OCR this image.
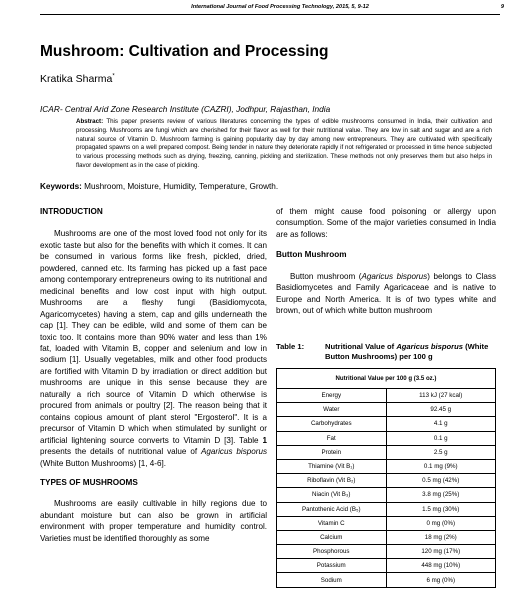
International Journal of Food Processing Technology, 2015, 5, 9-12	9
Mushroom: Cultivation and Processing
Kratika Sharma*
ICAR- Central Arid Zone Research Institute (CAZRI), Jodhpur, Rajasthan, India
Abstract: This paper presents review of various literatures concerning the types of edible mushrooms consumed in India, their cultivation and processing. Mushrooms are fungi which are cherished for their flavor as well for their nutritional value. They are low in salt and sugar and are a rich natural source of Vitamin D. Mushroom farming is gaining popularity day by day among new entrepreneurs. They are cultivated with specifically propagated spawns on a well prepared compost. Being tender in nature they deteriorate rapidly if not refrigerated or processed in time hence subjected to various processing methods such as drying, freezing, canning, pickling and sterilization. These methods not only preserves them but also helps in flavor development as in the case of pickling.
Keywords: Mushroom, Moisture, Humidity, Temperature, Growth.

INTRODUCTION

Mushrooms are one of the most loved food not only for its exotic taste but also for the benefits with which it comes. It can be consumed in various forms like fresh, pickled, dried, powdered, canned etc. Its farming has picked up a fast pace among contemporary entrepreneurs owing to its nutritional and medicinal benefits and low cost input with high output. Mushrooms are a fleshy fungi (Basidiomycota, Agaricomycetes) having a stem, cap and gills underneath the cap [1]. They can be edible, wild and some of them can be toxic too. It contains more than 90% water and less than 1% fat, loaded with Vitamin B, copper and selenium and low in sodium [1]. Usually vegetables, milk and other food products are fortified with Vitamin D by irradiation or direct addition but mushrooms are unique in this sense because they are naturally a rich source of Vitamin D which otherwise is procured from animals or poultry [2]. The reason being that it contains copious amount of plant sterol "Ergosterol". It is a precursor of Vitamin D which when stimulated by sunlight or artificial lightening source converts to Vitamin D [3]. Table 1 presents the details of nutritional value of Agaricus bisporus (White Button Mushrooms) [1, 4-6].

TYPES OF MUSHROOMS

Mushrooms are easily cultivable in hilly regions due to abundant moisture but can also be grown in artificial environment with proper temperature and humidity control. Varieties must be identified thoroughly as some

of them might cause food poisoning or allergy upon consumption. Some of the major varieties consumed in India are as follows:

Button Mushroom

Button mushroom (Agaricus bisporus) belongs to Class Basidiomycetes and Family Agaricaceae and is native to Europe and North America. It is of two types white and brown, out of which white button mushroom

Table 1:	Nutritional Value of Agaricus bisporus (White Button Mushrooms) per 100 g
Nutritional Value per 100 g (3.5 oz.)	
Energy	113 kJ (27 kcal)
Water	92.45 g
Carbohydrates	4.1 g
Fat	0.1 g
Protein	2.5 g
Thiamine (Vit B₁)	0.1 mg (9%)
Riboflavin (Vit B₂)	0.5 mg (42%)
Niacin (Vit B₃)	3.8 mg (25%)
Pantothenic Acid (B₅)	1.5 mg (30%)
Vitamin C	0 mg (0%)
Calcium	18 mg (2%)
Phosphorous	120 mg (17%)
Potassium	448 mg (10%)
Sodium	6 mg (0%)
